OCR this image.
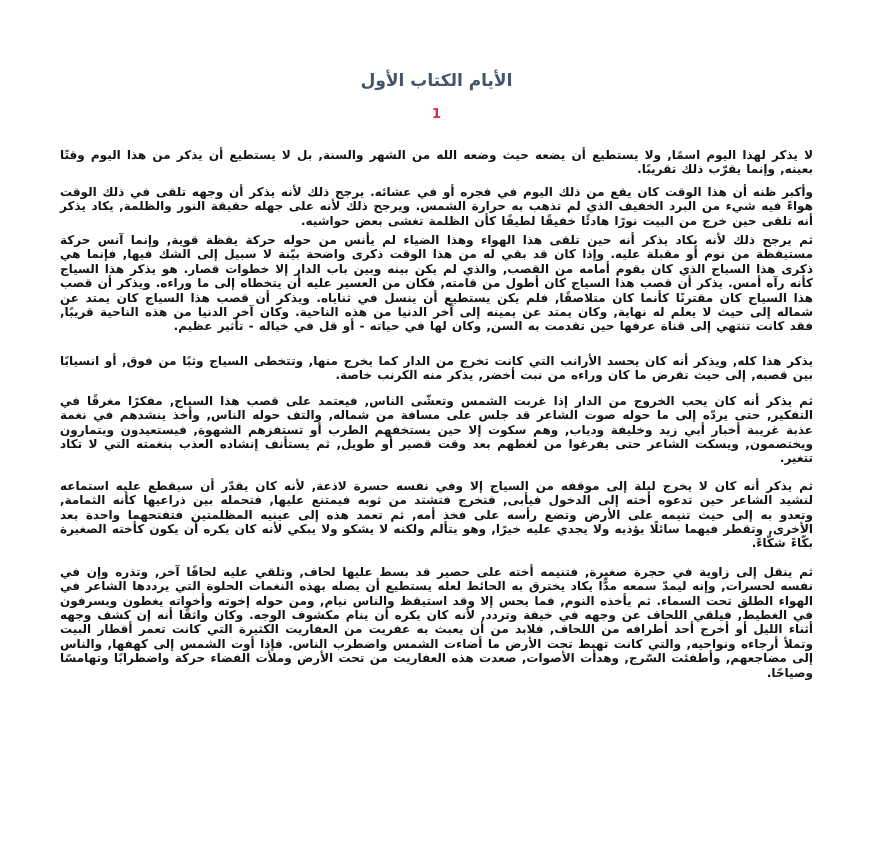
الأيام الكتاب الأول
1

لا يذكر لهذا اليوم اسمًا, ولا يستطيع أن يضعه حيث وضعه الله من الشهر والسنة, بل لا يستطيع أن يذكر من هذا اليوم وقتًا بعينه, وإنما يقرّب ذلك تقريبًا.

وأكبر ظنه أن هذا الوقت كان يقع من ذلك اليوم في فجره أو في عشائه. يرجح ذلك لأنه يذكر أن وجهه تلقى في ذلك الوقت هواءً فيه شيء من البرد الخفيف الذي لم تذهب به حرارة الشمس. ويرجح ذلك لأنه على جهله حقيقة النور والظلمة, يكاد يذكر أنه تلقى حين خرج من البيت نورًا هادئًا خفيقًا لطيفًا كأن الظلمة تغشى بعض حواشيه.

ثم يرجح ذلك لأنه يكاد يذكر أنه حين تلقى هذا الهواء وهذا الضياء لم يأنس من حوله حركة يقظة قوية, وإنما آنس حركة مستيقظة من نوم أو مقبلة عليه. وإذا كان قد بقي له من هذا الوقت ذكرى واضحة بيّنة لا سبيل إلى الشك فيها, فإنما هي ذكرى هذا السياج الذي كان يقوم أمامه من القصب, والذي لم يكن بينه وبين باب الدار إلا خطوات قصار. هو يذكر هذا السياج كأنه رآه أمس. يذكر أن قصب هذا السياج كان أطول من قامته, فكان من العسير عليه أن يتخطاه إلى ما وراءه. ويذكر أن قصب هذا السياج كان مقترنًا كأنما كان متلاصقًا, فلم يكن يستطيع أن ينسل في ثناياه. ويذكر أن قصب هذا السياج كان يمتد عن شماله إلى حيث لا يعلم له نهاية, وكان يمتد عن يمينه إلى آخر الدنيا من هذه الناحية. وكان آخر الدنيا من هذه الناحية قريبًا, فقد كانت تنتهي إلى قناة عرفها حين تقدمت به السن, وكان لها في حياته - أو قل في خياله - تأثير عظيم.

يذكر هذا كله, ويذكر أنه كان يحسد الأرانب التي كانت تخرج من الدار كما يخرج منها, وتتخطى السياج وثبًا من فوق, أو انسيابًا بين قصبه, إلى حيث تقرض ما كان وراءه من نبت أخضر, يذكر منه الكرنب خاصة.

ثم يذكر أنه كان يحب الخروج من الدار إذا غربت الشمس وتعشّى الناس, فيعتمد على قصب هذا السياج, مفكرًا مغرقًا في التفكير, حتى يردّه إلى ما حوله صوت الشاعر قد جلس على مسافة من شماله, والتف حوله الناس, وأخذ ينشدهم في نغمة عذبة غريبة أخبار أبي زيد وخليفة ودياب, وهم سكوت إلا حين يستخفهم الطرب أو تستفزهم الشهوة, فيستعيدون ويتمارون ويختصمون, ويسكت الشاعر حتى يفرغوا من لغطهم بعد وقت قصير أو طويل, ثم يستأنف إنشاده العذب بنغمته التي لا تكاد تتغير.

ثم يذكر أنه كان لا يخرج ليلة إلى موقفه من السياج إلا وفي نفسه حسرة لاذعة, لأنه كان يقدّر أن سيقطع عليه استماعه لنشيد الشاعر حين تدعوه أخته إلى الدخول فيأبى, فتخرج فتشتد من ثوبه فيمتنع عليها, فتحمله بين ذراعيها كأنه الثمامة, وتعدو به إلى حيث تنيمه على الأرض وتضع رأسه على فخذ أمه, ثم تعمد هذه إلى عينيه المظلمتين فتفتحهما واحدة بعد الأخرى, وتقطر فيهما سائلًا يؤذيه ولا يجدي عليه خيرًا, وهو يتألم ولكنه لا يشكو ولا يبكي لأنه كان يكره أن يكون كأخته الصغيرة بكّاءً شكّاءً.

ثم ينقل إلى زاوية في حجرة صغيرة, فتنيمه أخته على حصير قد بسط عليها لحاف, وتلقي عليه لحافًا آخر, وتذره وإن في نفسه لحسرات, وإنه ليمدّ سمعه مدًّا يكاد يخترق به الحائط لعله يستطيع أن يصله بهذه النغمات الحلوة التي يرددها الشاعر في الهواء الطلق تحت السماء. ثم يأخذه النوم, فما يحس إلا وقد استيقظ والناس نيام, ومن حوله إخوته وأخواته يغطون ويسرفون في الغطيط, فيلقي اللحاف عن وجهه في خيفة وتردد, لأنه كان يكره أن ينام مكشوف الوجه. وكان واثقًا أنه إن كشف وجهه أثناء الليل أو أخرج أحد أطرافه من اللحاف, فلابد من أن يعبث به عفريت من العفاريت الكثيرة التي كانت تعمر أقطار البيت وتملأ أرجاءه ونواحيه, والتي كانت تهبط تحت الأرض ما أضاءت الشمس واضطرب الناس. فإذا أوت الشمس إلى كهفها, والناس إلى مضاجعهم, وأطفئت السّرج, وهدأت الأصوات, صعدت هذه العفاريت من تحت الأرض وملأت الفضاء حركة واضطرابًا وتهامسًا وصياحًا.
